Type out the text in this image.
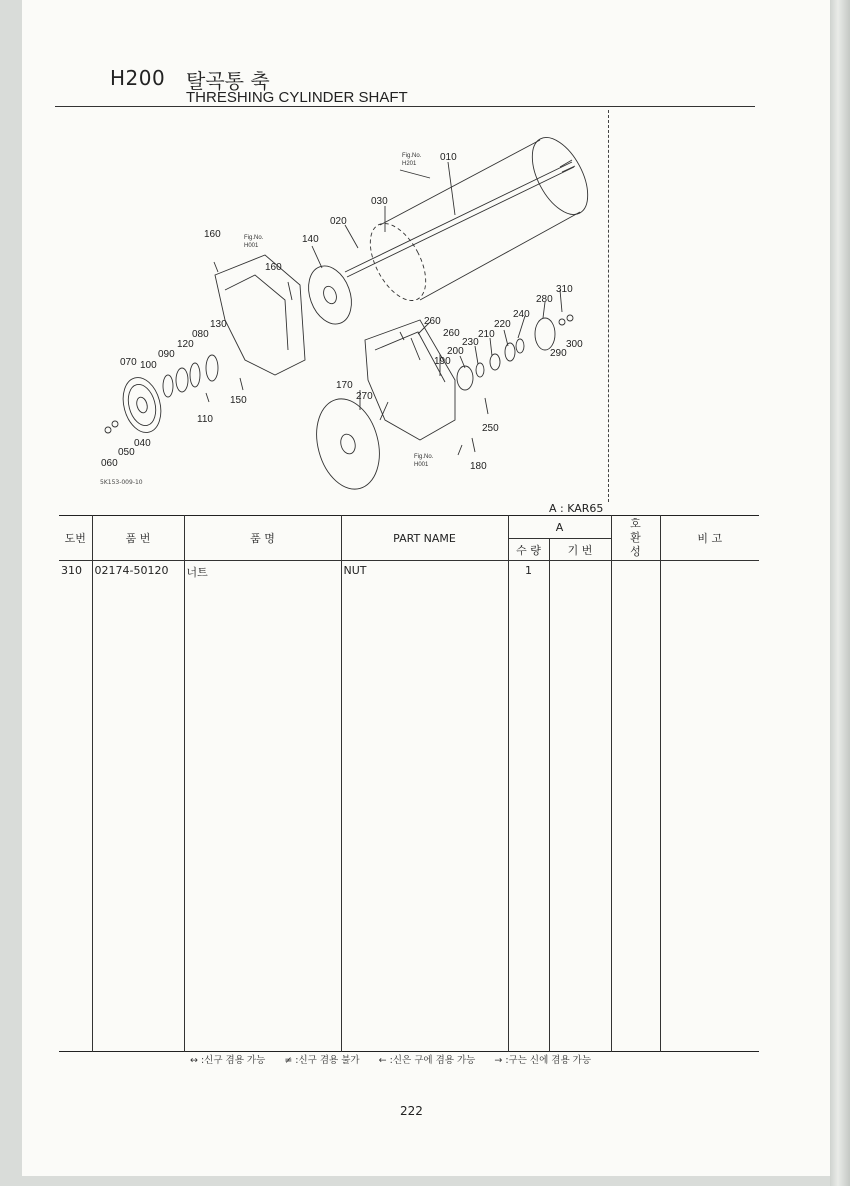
H200 탈곡통 축
THRESHING CYLINDER SHAFT
010
020
030
040
050
060
070
080
090
100
110
120
130
140
150
160
160
170
180
190
200
210
220
230
240
250
260
260
270
280
290
300
310
Fig.No.
H201
Fig.No.
H001
Fig.No.
H001
5K153-009-10
A : KAR65
도번	품 번	품 명	PART NAME	A		호
환
성	비 고
				수 량	기 번		
310	02174-50120	너트	NUT	1			
↔ :신구 겸용 가능 ≠ :신구 겸용 불가 ← :신은 구에 겸용 가능 → :구는 신에 겸용 가능
222
